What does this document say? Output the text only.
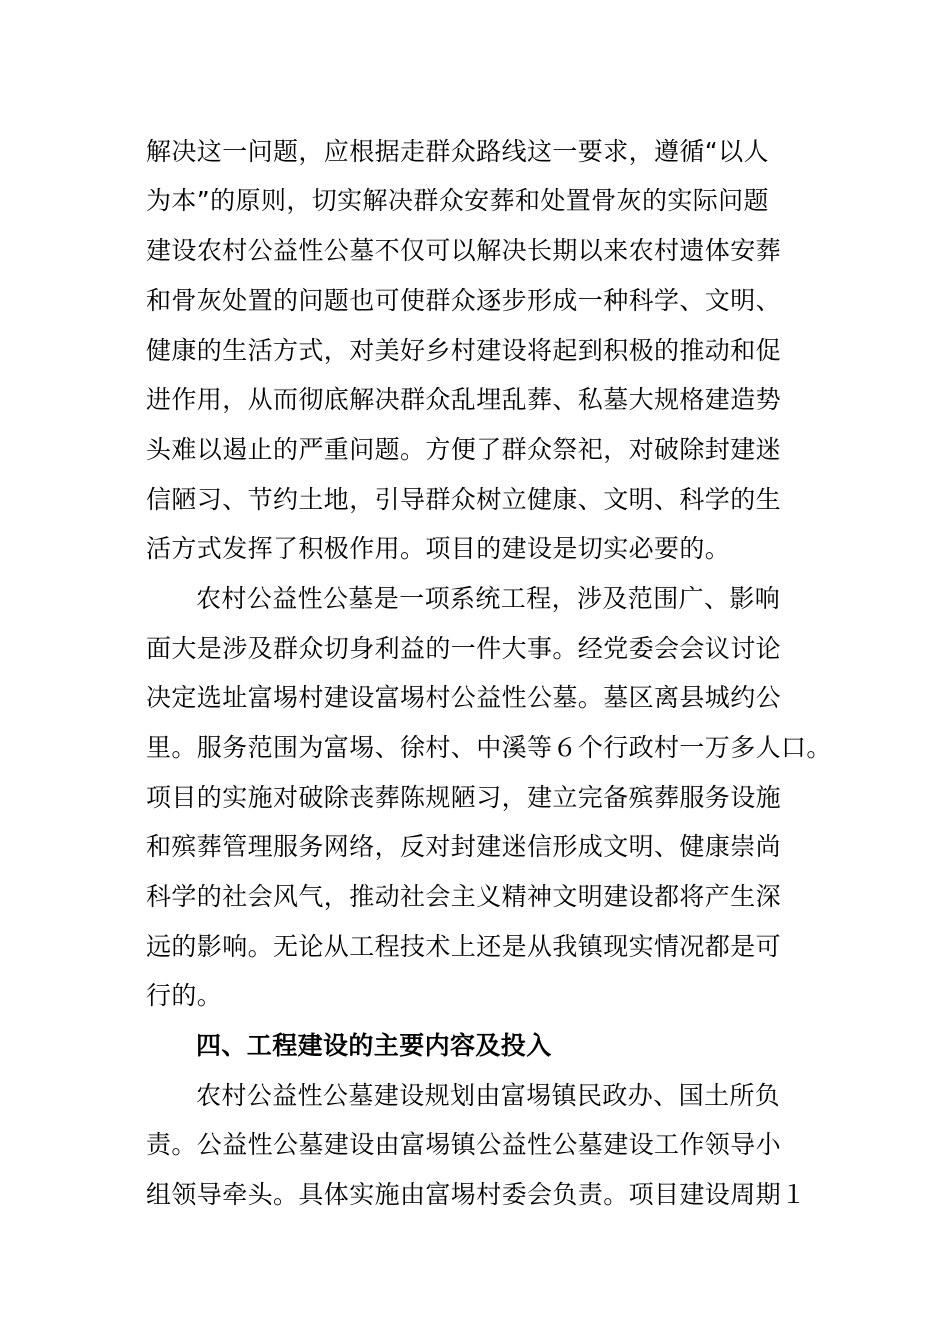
解决这一问题，应根据走群众路线这一要求，遵循“以人
为本”的原则，切实解决群众安葬和处置骨灰的实际问题
建设农村公益性公墓不仅可以解决长期以来农村遗体安葬
和骨灰处置的问题也可使群众逐步形成一种科学、文明、
健康的生活方式，对美好乡村建设将起到积极的推动和促
进作用，从而彻底解决群众乱埋乱葬、私墓大规格建造势
头难以遏止的严重问题。方便了群众祭祀，对破除封建迷
信陋习、节约土地，引导群众树立健康、文明、科学的生
活方式发挥了积极作用。项目的建设是切实必要的。
农村公益性公墓是一项系统工程，涉及范围广、影响
面大是涉及群众切身利益的一件大事。经党委会会议讨论
决定选址富埸村建设富埸村公益性公墓。墓区离县城约公
里。服务范围为富埸、徐村、中溪等６个行政村一万多人口。
项目的实施对破除丧葬陈规陋习，建立完备殡葬服务设施
和殡葬管理服务网络，反对封建迷信形成文明、健康崇尚
科学的社会风气，推动社会主义精神文明建设都将产生深
远的影响。无论从工程技术上还是从我镇现实情况都是可
行的。
四、工程建设的主要内容及投入
农村公益性公墓建设规划由富埸镇民政办、国土所负
责。公益性公墓建设由富埸镇公益性公墓建设工作领导小
组领导牵头。具体实施由富埸村委会负责。项目建设周期１
